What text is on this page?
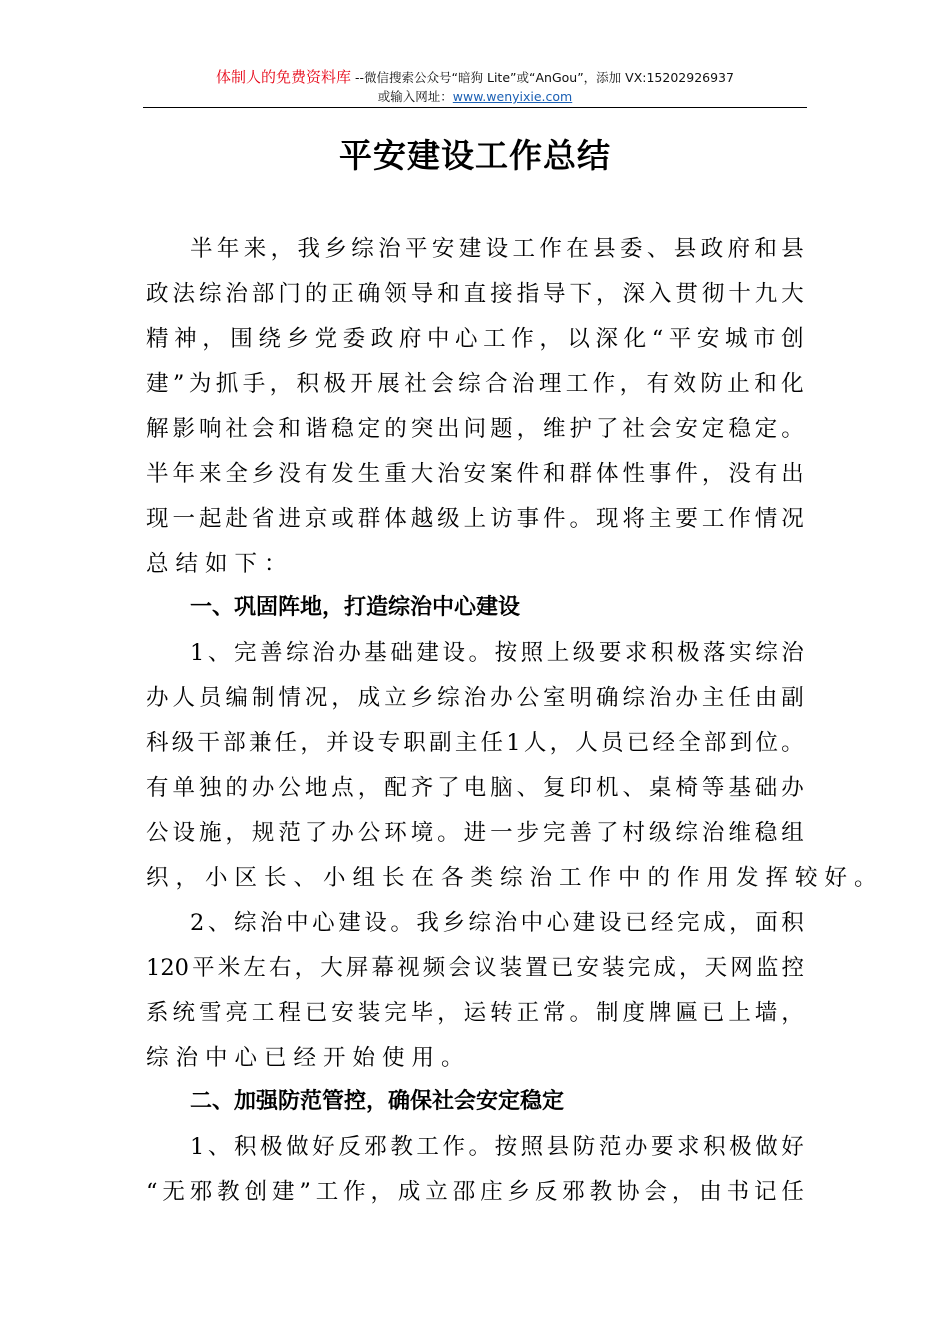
体制人的免费资料库 --微信搜索公众号“暗狗 Lite”或“AnGou”，添加 VX:15202926937
或输入网址：www.wenyixie.com
平安建设工作总结
半 年 来 ， 我 乡 综 治 平 安 建 设 工 作 在 县 委 、 县 政 府 和 县
政 法 综 治 部 门 的 正 确 领 导 和 直 接 指 导 下 ， 深 入 贯 彻 十 九 大
精 神 ， 围 绕 乡 党 委 政 府 中 心 工 作 ， 以 深 化 “ 平 安 城 市 创
建 ” 为 抓 手 ， 积 极 开 展 社 会 综 合 治 理 工 作 ， 有 效 防 止 和 化
解 影 响 社 会 和 谐 稳 定 的 突 出 问 题 ， 维 护 了 社 会 安 定 稳 定 。
半 年 来 全 乡 没 有 发 生 重 大 治 安 案 件 和 群 体 性 事 件 ， 没 有 出
现 一 起 赴 省 进 京 或 群 体 越 级 上 访 事 件 。 现 将 主 要 工 作 情 况
总结如下：
一、巩固阵地，打造综治中心建设
1 、 完 善 综 治 办 基 础 建 设 。 按 照 上 级 要 求 积 极 落 实 综 治
办 人 员 编 制 情 况 ， 成 立 乡 综 治 办 公 室 明 确 综 治 办 主 任 由 副
科 级 干 部 兼 任 ， 并 设 专 职 副 主 任 1 人 ， 人 员 已 经 全 部 到 位 。
有 单 独 的 办 公 地 点 ， 配 齐 了 电 脑 、 复 印 机 、 桌 椅 等 基 础 办
公 设 施 ， 规 范 了 办 公 环 境 。 进 一 步 完 善 了 村 级 综 治 维 稳 组
织，小区长、小组长在各类综治工作中的作用发挥较好。
2 、 综 治 中 心 建 设 。 我 乡 综 治 中 心 建 设 已 经 完 成 ， 面 积
120 平 米 左 右 ， 大 屏 幕 视 频 会 议 装 置 已 安 装 完 成 ， 天 网 监 控
系 统 雪 亮 工 程 已 安 装 完 毕 ， 运 转 正 常 。 制 度 牌 匾 已 上 墙 ，
综治中心已经开始使用。
二、加强防范管控，确保社会安定稳定
1 、 积 极 做 好 反 邪 教 工 作 。 按 照 县 防 范 办 要 求 积 极 做 好
“ 无 邪 教 创 建 ” 工 作 ， 成 立 邵 庄 乡 反 邪 教 协 会 ， 由 书 记 任
